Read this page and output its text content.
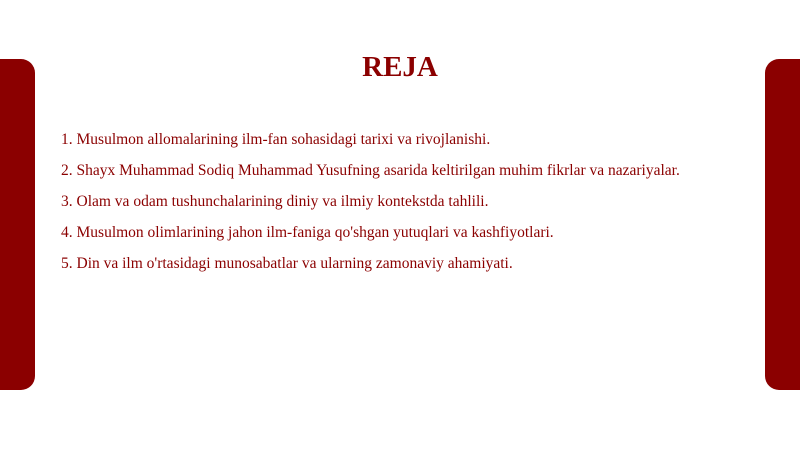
REJA
1. Musulmon allomalarining ilm-fan sohasidagi tarixi va rivojlanishi.
2. Shayx Muhammad Sodiq Muhammad Yusufning asarida keltirilgan muhim fikrlar va nazariyalar.
3. Olam va odam tushunchalarining diniy va ilmiy kontekstda tahlili.
4. Musulmon olimlarining jahon ilm-faniga qo'shgan yutuqlari va kashfiyotlari.
5. Din va ilm o'rtasidagi munosabatlar va ularning zamonaviy ahamiyati.
